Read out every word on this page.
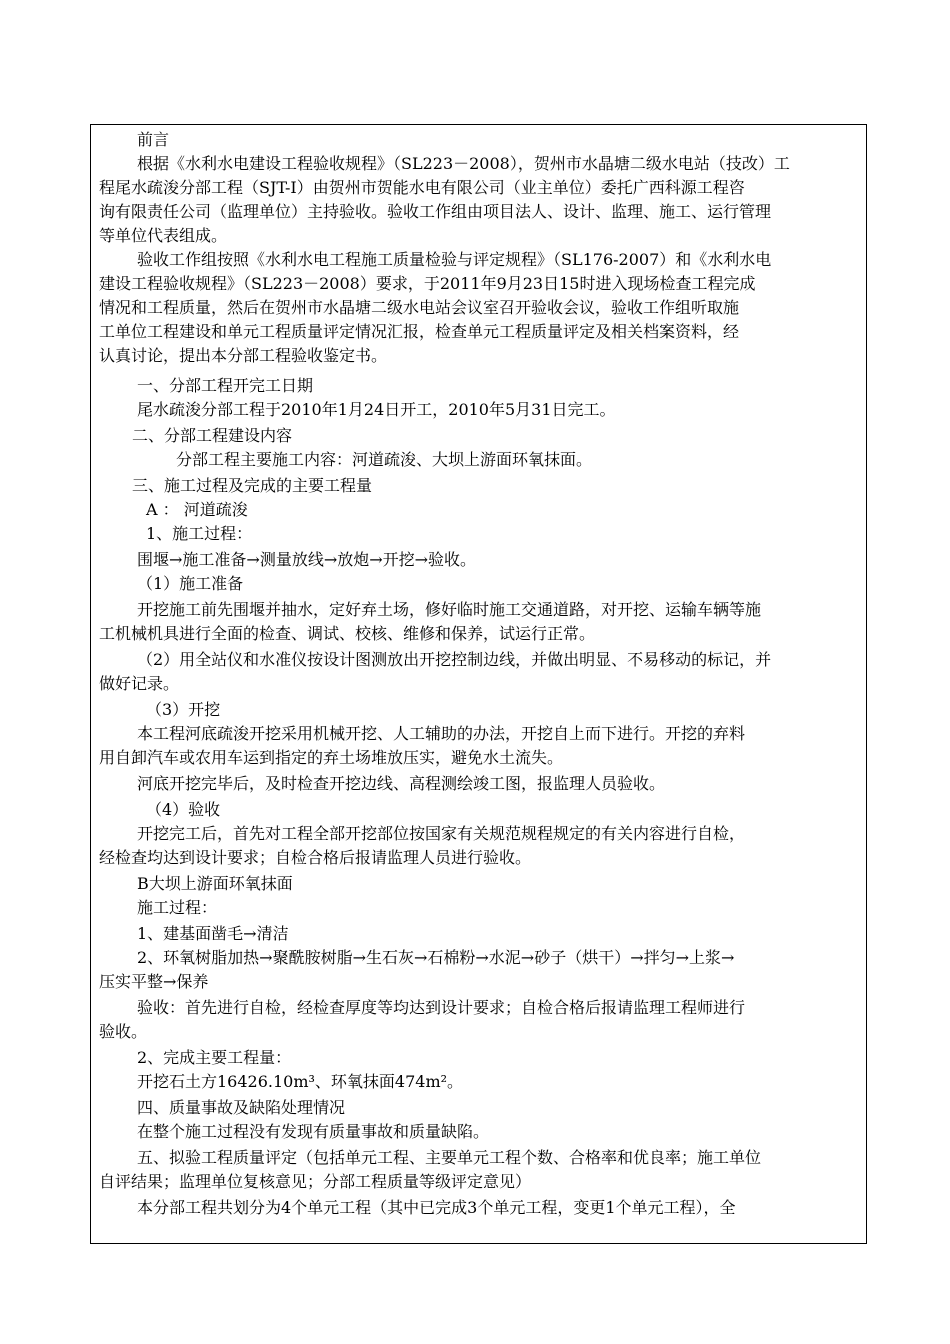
前言
根据《水利水电建设工程验收规程》（SL223－2008），贺州市水晶塘二级水电站（技改）工
程尾水疏浚分部工程（SJT-Ⅰ）由贺州市贺能水电有限公司（业主单位）委托广西科源工程咨
询有限责任公司（监理单位）主持验收。验收工作组由项目法人、设计、监理、施工、运行管理
等单位代表组成。
验收工作组按照《水利水电工程施工质量检验与评定规程》（SL176-2007）和《水利水电
建设工程验收规程》（SL223－2008）要求，于2011年9月23日15时进入现场检查工程完成
情况和工程质量，然后在贺州市水晶塘二级水电站会议室召开验收会议，验收工作组听取施
工单位工程建设和单元工程质量评定情况汇报，检查单元工程质量评定及相关档案资料，经
认真讨论，提出本分部工程验收鉴定书。
一、分部工程开完工日期
尾水疏浚分部工程于2010年1月24日开工，2010年5月31日完工。
二、分部工程建设内容
分部工程主要施工内容：河道疏浚、大坝上游面环氧抹面。
三、施工过程及完成的主要工程量
A ： 河道疏浚
1、施工过程：
围堰→施工准备→测量放线→放炮→开挖→验收。
（1）施工准备
开挖施工前先围堰并抽水，定好弃土场，修好临时施工交通道路，对开挖、运输车辆等施
工机械机具进行全面的检查、调试、校核、维修和保养，试运行正常。
（2）用全站仪和水准仪按设计图测放出开挖控制边线，并做出明显、不易移动的标记，并
做好记录。
（3）开挖
本工程河底疏浚开挖采用机械开挖、人工辅助的办法，开挖自上而下进行。开挖的弃料
用自卸汽车或农用车运到指定的弃土场堆放压实，避免水土流失。
河底开挖完毕后，及时检查开挖边线、高程测绘竣工图，报监理人员验收。
（4）验收
开挖完工后，首先对工程全部开挖部位按国家有关规范规程规定的有关内容进行自检，
经检查均达到设计要求；自检合格后报请监理人员进行验收。
B大坝上游面环氧抹面
施工过程：
1、建基面凿毛→清洁
2、环氧树脂加热→聚酰胺树脂→生石灰→石棉粉→水泥→砂子（烘干）→拌匀→上浆→
压实平整→保养
验收：首先进行自检，经检查厚度等均达到设计要求；自检合格后报请监理工程师进行
验收。
2、完成主要工程量：
开挖石土方16426.10m³、环氧抹面474m²。
四、质量事故及缺陷处理情况
在整个施工过程没有发现有质量事故和质量缺陷。
五、拟验工程质量评定（包括单元工程、主要单元工程个数、合格率和优良率；施工单位
自评结果；监理单位复核意见；分部工程质量等级评定意见）
本分部工程共划分为4个单元工程（其中已完成3个单元工程，变更1个单元工程），全
